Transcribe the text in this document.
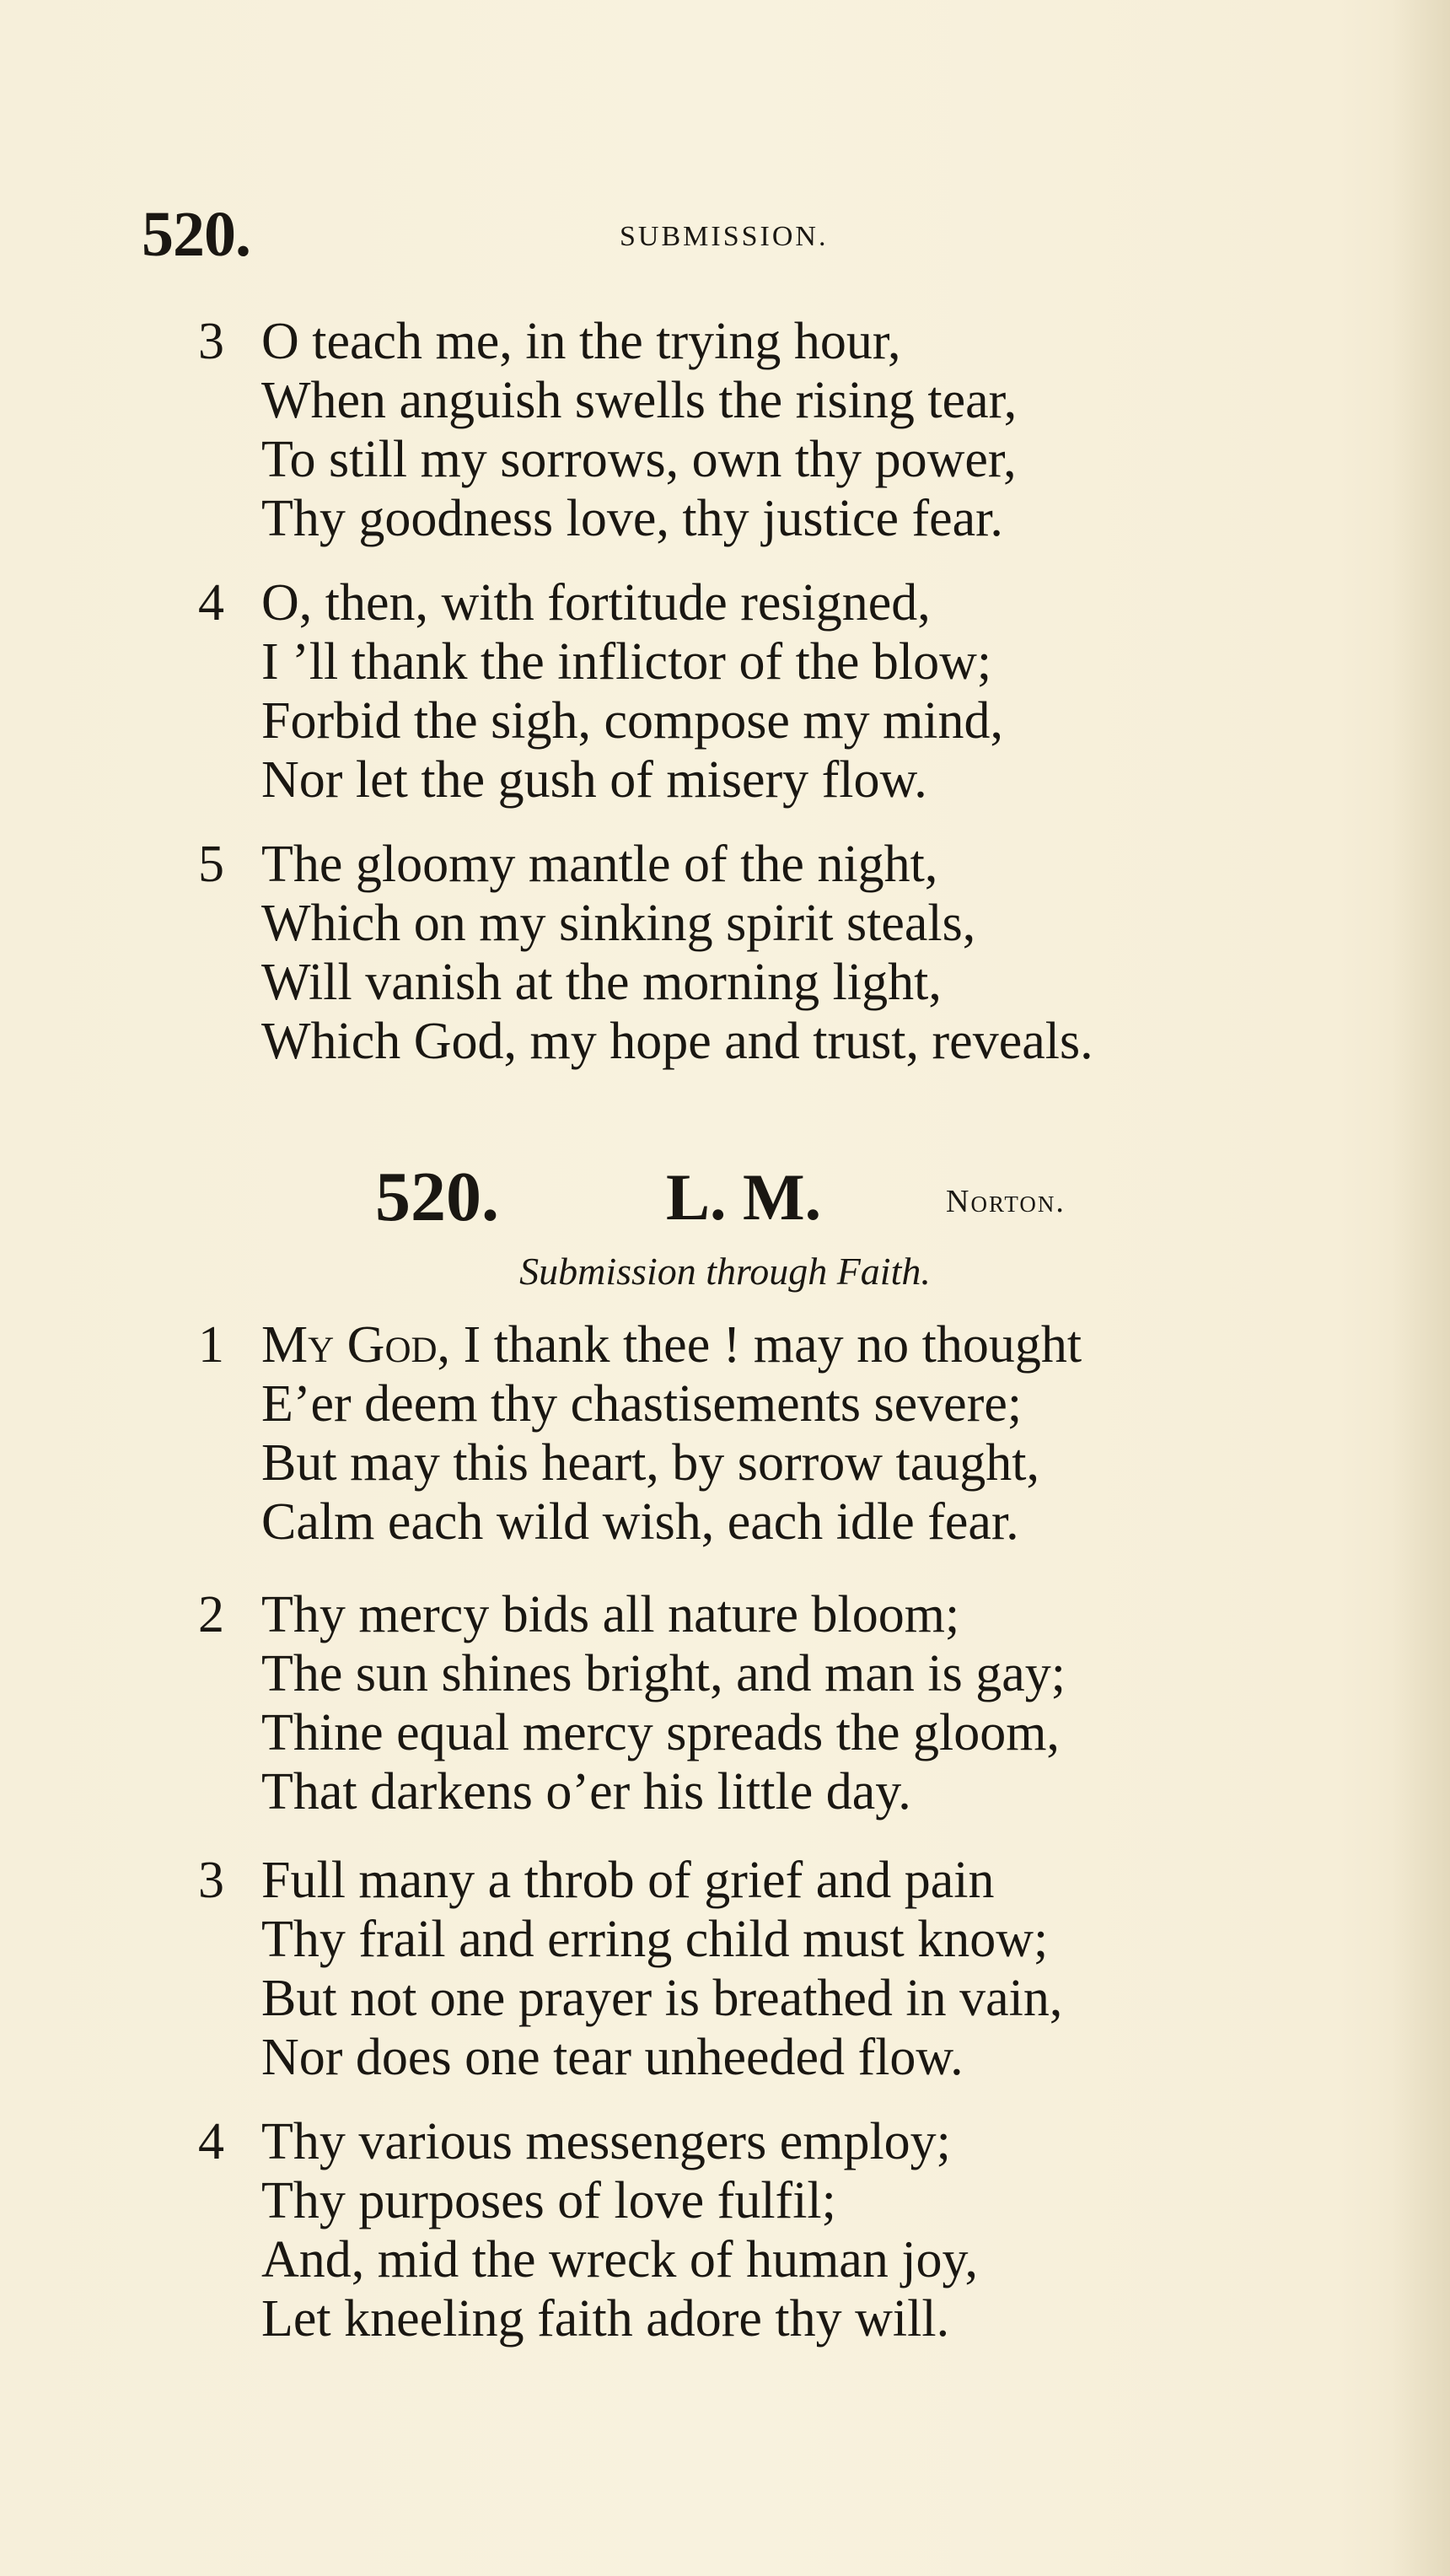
520.	SUBMISSION.
3 O teach me, in the trying hour,
When anguish swells the rising tear,
To still my sorrows, own thy power,
Thy goodness love, thy justice fear.
4 O, then, with fortitude resigned,
I ’ll thank the inflictor of the blow;
Forbid the sigh, compose my mind,
Nor let the gush of misery flow.
5 The gloomy mantle of the night,
Which on my sinking spirit steals,
Will vanish at the morning light,
Which God, my hope and trust, reveals.
520.	L. M.	Norton.
Submission through Faith.
1 My God, I thank thee ! may no thought
E’er deem thy chastisements severe;
But may this heart, by sorrow taught,
Calm each wild wish, each idle fear.
2 Thy mercy bids all nature bloom;
The sun shines bright, and man is gay;
Thine equal mercy spreads the gloom,
That darkens o’er his little day.
3 Full many a throb of grief and pain
Thy frail and erring child must know;
But not one prayer is breathed in vain,
Nor does one tear unheeded flow.
4 Thy various messengers employ;
Thy purposes of love fulfil;
And, mid the wreck of human joy,
Let kneeling faith adore thy will.
